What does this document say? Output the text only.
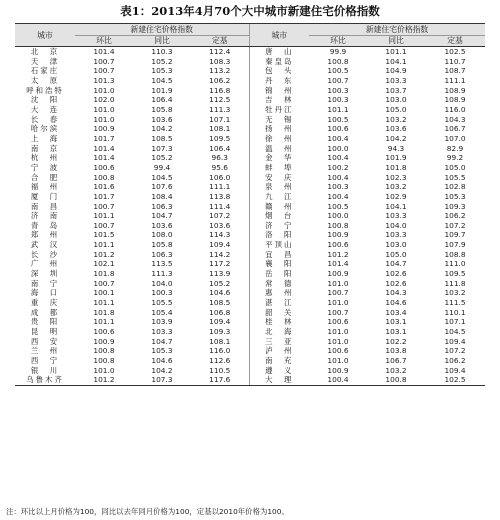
表1：2013年4月70个大中城市新建住宅价格指数
城市	新建住宅价格指数			城市	新建住宅价格指数		
	环比	同比	定基		环比	同比	定基
北　京	101.4	110.3	112.4	唐　山	99.9	101.1	102.5
天　津	100.7	105.2	108.3	秦皇岛	100.8	104.1	110.7
石家庄	100.7	105.3	113.2	包　头	100.5	104.9	108.7
太　原	101.3	104.5	106.2	丹　东	100.7	103.3	111.1
呼和浩特	101.0	101.9	116.8	锦　州	100.3	103.7	108.9
沈　阳	102.0	106.4	112.5	吉　林	100.3	103.0	108.9
大　连	101.0	105.8	111.3	牡丹江	101.1	105.0	116.0
长　春	101.0	103.6	107.1	无　锡	100.5	103.2	104.3
哈尔滨	100.9	104.2	108.1	扬　州	100.6	103.6	106.7
上　海	101.7	108.5	109.5	徐　州	100.4	104.2	107.0
南　京	101.4	107.3	106.4	温　州	100.0	94.3	82.9
杭　州	101.4	105.2	96.3	金　华	100.4	101.9	99.2
宁　波	100.6	99.4	95.6	蚌　埠	100.2	101.8	105.0
合　肥	100.8	104.5	106.0	安　庆	100.4	102.3	105.5
福　州	101.6	107.6	111.1	泉　州	100.3	103.2	102.8
厦　门	101.7	108.4	113.8	九　江	100.4	102.9	105.3
南　昌	100.7	106.3	111.4	赣　州	100.5	104.1	109.3
济　南	101.1	104.7	107.2	烟　台	100.0	103.3	106.2
青　岛	100.7	103.6	103.6	济　宁	100.8	104.0	107.2
郑　州	101.5	108.0	114.3	洛　阳	100.9	103.3	109.7
武　汉	101.1	105.8	109.4	平顶山	100.6	103.0	107.9
长　沙	101.2	106.3	114.2	宜　昌	101.2	105.0	108.8
广　州	102.1	113.5	117.2	襄　阳	101.4	104.7	111.0
深　圳	101.8	111.3	113.9	岳　阳	100.9	102.6	109.5
南　宁	100.7	104.0	105.2	常　德	101.0	102.6	111.8
海　口	100.1	100.3	104.6	惠　州	100.7	104.3	103.2
重　庆	101.1	105.5	108.5	湛　江	101.0	104.6	111.5
成　都	101.8	105.4	106.8	韶　关	100.7	103.4	110.1
贵　阳	101.1	103.9	109.4	桂　林	100.6	103.1	107.1
昆　明	100.6	103.3	109.3	北　海	101.0	103.1	104.5
西　安	100.9	104.7	108.1	三　亚	101.0	102.2	109.4
兰　州	100.8	105.3	116.0	泸　州	100.6	103.8	107.2
西　宁	100.8	104.6	112.6	南　充	101.0	106.7	106.2
银　川	101.0	104.2	110.5	遵　义	100.9	103.2	109.4
乌鲁木齐	101.2	107.3	117.6	大　理	100.4	100.8	102.5
注：环比以上月价格为100，同比以去年同月价格为100，定基以2010年价格为100。
